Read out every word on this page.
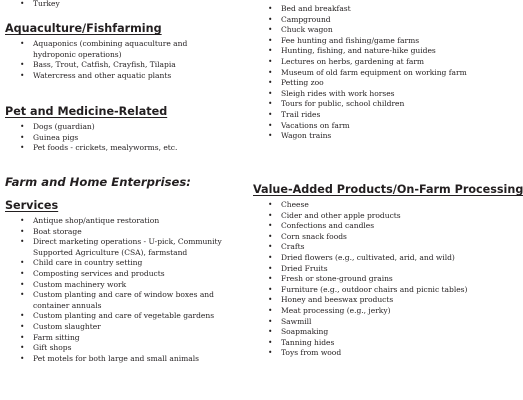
• Turkey
Aquaculture/Fishfarming
• Aquaponics (combining aquaculture and hydroponic operations)
• Bass, Trout, Catfish, Crayfish, Tilapia
• Watercress and other aquatic plants
Pet and Medicine-Related
• Dogs (guardian)
• Guinea pigs
• Pet foods - crickets, mealyworms, etc.
Farm and Home Enterprises:
Services
• Antique shop/antique restoration
• Boat storage
• Direct marketing operations - U-pick, Community Supported Agriculture (CSA), farmstand
• Child care in country setting
• Composting services and products
• Custom machinery work
• Custom planting and care of window boxes and container annuals
• Custom planting and care of vegetable gardens
• Custom slaughter
• Farm sitting
• Gift shops
• Pet motels for both large and small animals
• Bed and breakfast
• Campground
• Chuck wagon
• Fee hunting and fishing/game farms
• Hunting, fishing, and nature-hike guides
• Lectures on herbs, gardening at farm
• Museum of old farm equipment on working farm
• Petting zoo
• Sleigh rides with work horses
• Tours for public, school children
• Trail rides
• Vacations on farm
• Wagon trains
Value-Added Products/On-Farm Processing
• Cheese
• Cider and other apple products
• Confections and candles
• Corn snack foods
• Crafts
• Dried flowers (e.g., cultivated, arid, and wild)
• Dried Fruits
• Fresh or stone-ground grains
• Furniture (e.g., outdoor chairs and picnic tables)
• Honey and beeswax products
• Meat processing (e.g., jerky)
• Sawmill
• Soapmaking
• Tanning hides
• Toys from wood
